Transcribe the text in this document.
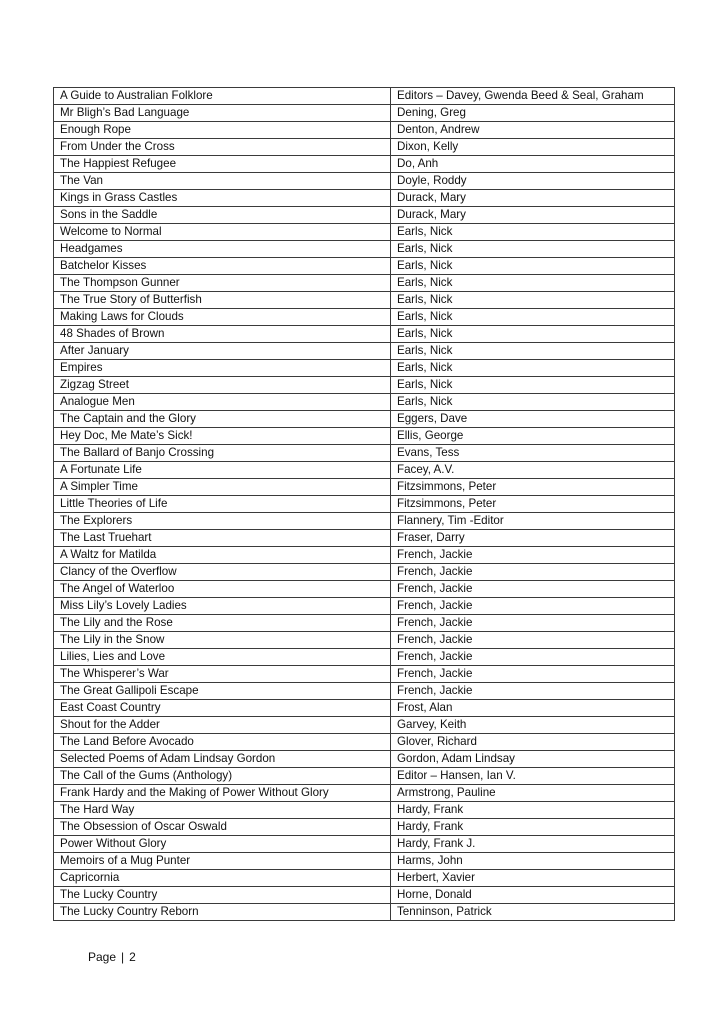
A Guide to Australian Folklore	Editors – Davey, Gwenda Beed & Seal, Graham
Mr Bligh’s Bad Language	Dening, Greg
Enough Rope	Denton, Andrew
From Under the Cross	Dixon, Kelly
The Happiest Refugee	Do, Anh
The Van	Doyle, Roddy
Kings in Grass Castles	Durack, Mary
Sons in the Saddle	Durack, Mary
Welcome to Normal	Earls, Nick
Headgames	Earls, Nick
Batchelor Kisses	Earls, Nick
The Thompson Gunner	Earls, Nick
The True Story of Butterfish	Earls, Nick
Making Laws for Clouds	Earls, Nick
48 Shades of Brown	Earls, Nick
After January	Earls, Nick
Empires	Earls, Nick
Zigzag Street	Earls, Nick
Analogue Men	Earls, Nick
The Captain and the Glory	Eggers, Dave
Hey Doc, Me Mate’s Sick!	Ellis, George
The Ballard of Banjo Crossing	Evans, Tess
A Fortunate Life	Facey, A.V.
A Simpler Time	Fitzsimmons, Peter
Little Theories of Life	Fitzsimmons, Peter
The Explorers	Flannery, Tim -Editor
The Last Truehart	Fraser, Darry
A Waltz for Matilda	French, Jackie
Clancy of the Overflow	French, Jackie
The Angel of Waterloo	French, Jackie
Miss Lily’s Lovely Ladies	French, Jackie
The Lily and the Rose	French, Jackie
The Lily in the Snow	French, Jackie
Lilies, Lies and Love	French, Jackie
The Whisperer’s War	French, Jackie
The Great Gallipoli Escape	French, Jackie
East Coast Country	Frost, Alan
Shout for the Adder	Garvey, Keith
The Land Before Avocado	Glover, Richard
Selected Poems of Adam Lindsay Gordon	Gordon, Adam Lindsay
The Call of the Gums (Anthology)	Editor – Hansen, Ian V.
Frank Hardy and the Making of Power Without Glory	Armstrong, Pauline
The Hard Way	Hardy, Frank
The Obsession of Oscar Oswald	Hardy, Frank
Power Without Glory	Hardy, Frank J.
Memoirs of a Mug Punter	Harms, John
Capricornia	Herbert, Xavier
The Lucky Country	Horne, Donald
The Lucky Country Reborn	Tenninson, Patrick
Page | 2
